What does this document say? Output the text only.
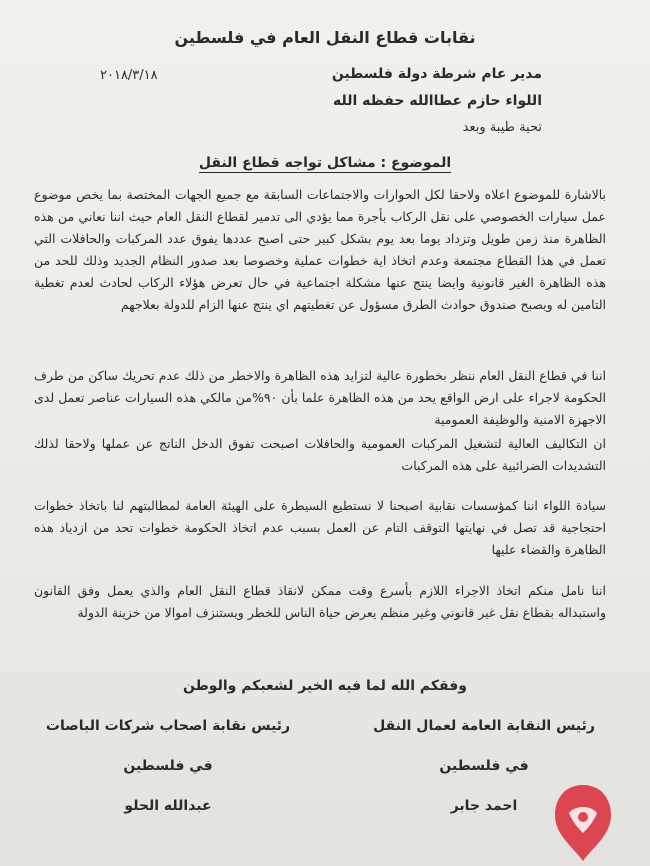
نقابات قطاع النقل العام في فلسطين
٢٠١٨/٣/١٨	مدير عام شرطة دولة فلسطين
اللواء حازم عطاالله حفظه الله
تحية طيبة وبعد
الموضوع : مشاكل تواجه قطاع النقل
بالاشارة للموضوع اعلاه ولاحقا لكل الحوارات والاجتماعات السابقة مع جميع الجهات المختصة بما يخص موضوع عمل سيارات الخصوصي على نقل الركاب بأجرة مما يؤدي الى تدمير لقطاع النقل العام حيث اننا نعاني من هذه الظاهرة منذ زمن طويل وتزداد يوما بعد يوم بشكل كبير حتى اصبح عددها يفوق عدد المركبات والحافلات التي تعمل في هذا القطاع مجتمعة وعدم اتخاذ اية خطوات عملية وخصوصا بعد صدور النظام الجديد وذلك للحد من هذه الظاهرة الغير قانونية وايضا ينتج عنها مشكلة اجتماعية في حال تعرض هؤلاء الركاب لحادث لعدم تغطية التامين له ويصبح صندوق حوادث الطرق مسؤول عن تغطيتهم اي ينتج عنها الزام للدولة بعلاجهم
اننا في قطاع النقل العام ننظر بخطورة عالية لتزايد هذه الظاهرة والاخطر من ذلك عدم تحريك ساكن من طرف الحكومة لاجراء على ارض الواقع يحد من هذه الظاهرة علما بأن ٩٠%من مالكي هذه السيارات عناصر تعمل لدى الاجهزة الامنية والوظيفة العمومية
ان التكاليف العالية لتشغيل المركبات العمومية والحافلات اصبحت تفوق الدخل الناتج عن عملها ولاحقا لذلك التشديدات الضرائبية على هذه المركبات
سيادة اللواء اننا كمؤسسات نقابية اصبحنا لا نستطيع السيطرة على الهيئة العامة لمطالبتهم لنا باتخاذ خطوات احتجاجية قد تصل في نهايتها التوقف التام عن العمل بسبب عدم اتخاذ الحكومة خطوات تحد من ازدياد هذه الظاهرة والقضاء عليها
اننا نامل منكم اتخاذ الاجراء اللازم بأسرع وقت ممكن لانقاذ قطاع النقل العام والذي يعمل وفق القانون واستبداله بقطاع نقل غير قانوني وغير منظم يعرض حياة الناس للخطر ويستنزف اموالا من خزينة الدولة
وفقكم الله لما فيه الخير لشعبكم والوطن
رئيس النقابة العامة لعمال النقل
في فلسطين
احمد جابر
رئيس نقابة اصحاب شركات الباصات
في فلسطين
عبدالله الحلو
